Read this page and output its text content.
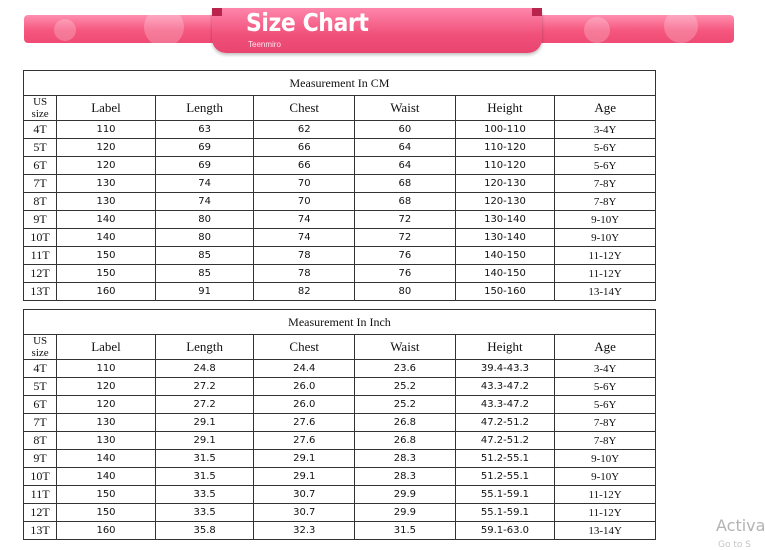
Size Chart
Teenmiro
Measurement In CM						
US size	Label	Length	Chest	Waist	Height	Age
4T	110	63	62	60	100-110	3-4Y
5T	120	69	66	64	110-120	5-6Y
6T	120	69	66	64	110-120	5-6Y
7T	130	74	70	68	120-130	7-8Y
8T	130	74	70	68	120-130	7-8Y
9T	140	80	74	72	130-140	9-10Y
10T	140	80	74	72	130-140	9-10Y
11T	150	85	78	76	140-150	11-12Y
12T	150	85	78	76	140-150	11-12Y
13T	160	91	82	80	150-160	13-14Y
Measurement In Inch						
US size	Label	Length	Chest	Waist	Height	Age
4T	110	24.8	24.4	23.6	39.4-43.3	3-4Y
5T	120	27.2	26.0	25.2	43.3-47.2	5-6Y
6T	120	27.2	26.0	25.2	43.3-47.2	5-6Y
7T	130	29.1	27.6	26.8	47.2-51.2	7-8Y
8T	130	29.1	27.6	26.8	47.2-51.2	7-8Y
9T	140	31.5	29.1	28.3	51.2-55.1	9-10Y
10T	140	31.5	29.1	28.3	51.2-55.1	9-10Y
11T	150	33.5	30.7	29.9	55.1-59.1	11-12Y
12T	150	33.5	30.7	29.9	55.1-59.1	11-12Y
13T	160	35.8	32.3	31.5	59.1-63.0	13-14Y	Activa
Go to S
